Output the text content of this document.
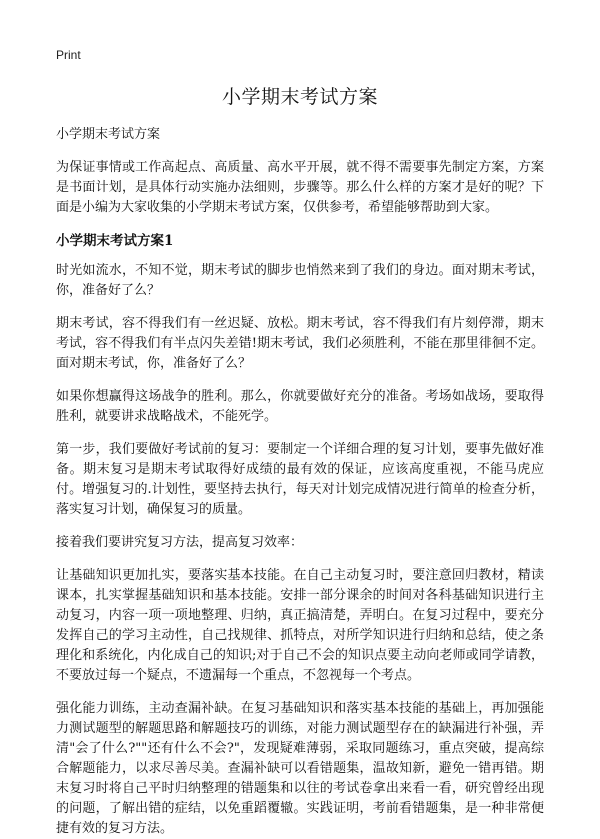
Print
小学期末考试方案

小学期末考试方案

为保证事情或工作高起点、高质量、高水平开展，就不得不需要事先制定方案，方案是书面计划，是具体行动实施办法细则，步骤等。那么什么样的方案才是好的呢？下面是小编为大家收集的小学期末考试方案，仅供参考，希望能够帮助到大家。

小学期末考试方案1

时光如流水，不知不觉，期末考试的脚步也悄然来到了我们的身边。面对期末考试，你，准备好了么？

期末考试，容不得我们有一丝迟疑、放松。期末考试，容不得我们有片刻停滞，期末考试，容不得我们有半点闪失差错!期末考试，我们必须胜利，不能在那里徘徊不定。面对期末考试，你，准备好了么？

如果你想赢得这场战争的胜利。那么，你就要做好充分的准备。考场如战场，要取得胜利，就要讲求战略战术，不能死学。

第一步，我们要做好考试前的复习：要制定一个详细合理的复习计划，要事先做好准备。期末复习是期末考试取得好成绩的最有效的保证，应该高度重视，不能马虎应付。增强复习的.计划性，要坚持去执行，每天对计划完成情况进行简单的检查分析，落实复习计划，确保复习的质量。

接着我们要讲究复习方法，提高复习效率：

让基础知识更加扎实，要落实基本技能。在自己主动复习时，要注意回归教材，精读课本，扎实掌握基础知识和基本技能。安排一部分课余的时间对各科基础知识进行主动复习，内容一项一项地整理、归纳，真正搞清楚，弄明白。在复习过程中，要充分发挥自己的学习主动性，自己找规律、抓特点，对所学知识进行归纳和总结，使之条理化和系统化，内化成自己的知识;对于自己不会的知识点要主动向老师或同学请教，不要放过每一个疑点，不遗漏每一个重点，不忽视每一个考点。

强化能力训练，主动查漏补缺。在复习基础知识和落实基本技能的基础上，再加强能力测试题型的解题思路和解题技巧的训练，对能力测试题型存在的缺漏进行补强，弄清"会了什么?""还有什么不会?"，发现疑难薄弱，采取同题练习，重点突破，提高综合解题能力，以求尽善尽美。查漏补缺可以看错题集，温故知新，避免一错再错。期末复习时将自己平时归纳整理的错题集和以往的考试卷拿出来看一看，研究曾经出现的问题，了解出错的症结，以免重蹈覆辙。实践证明，考前看错题集，是一种非常便捷有效的复习方法。
